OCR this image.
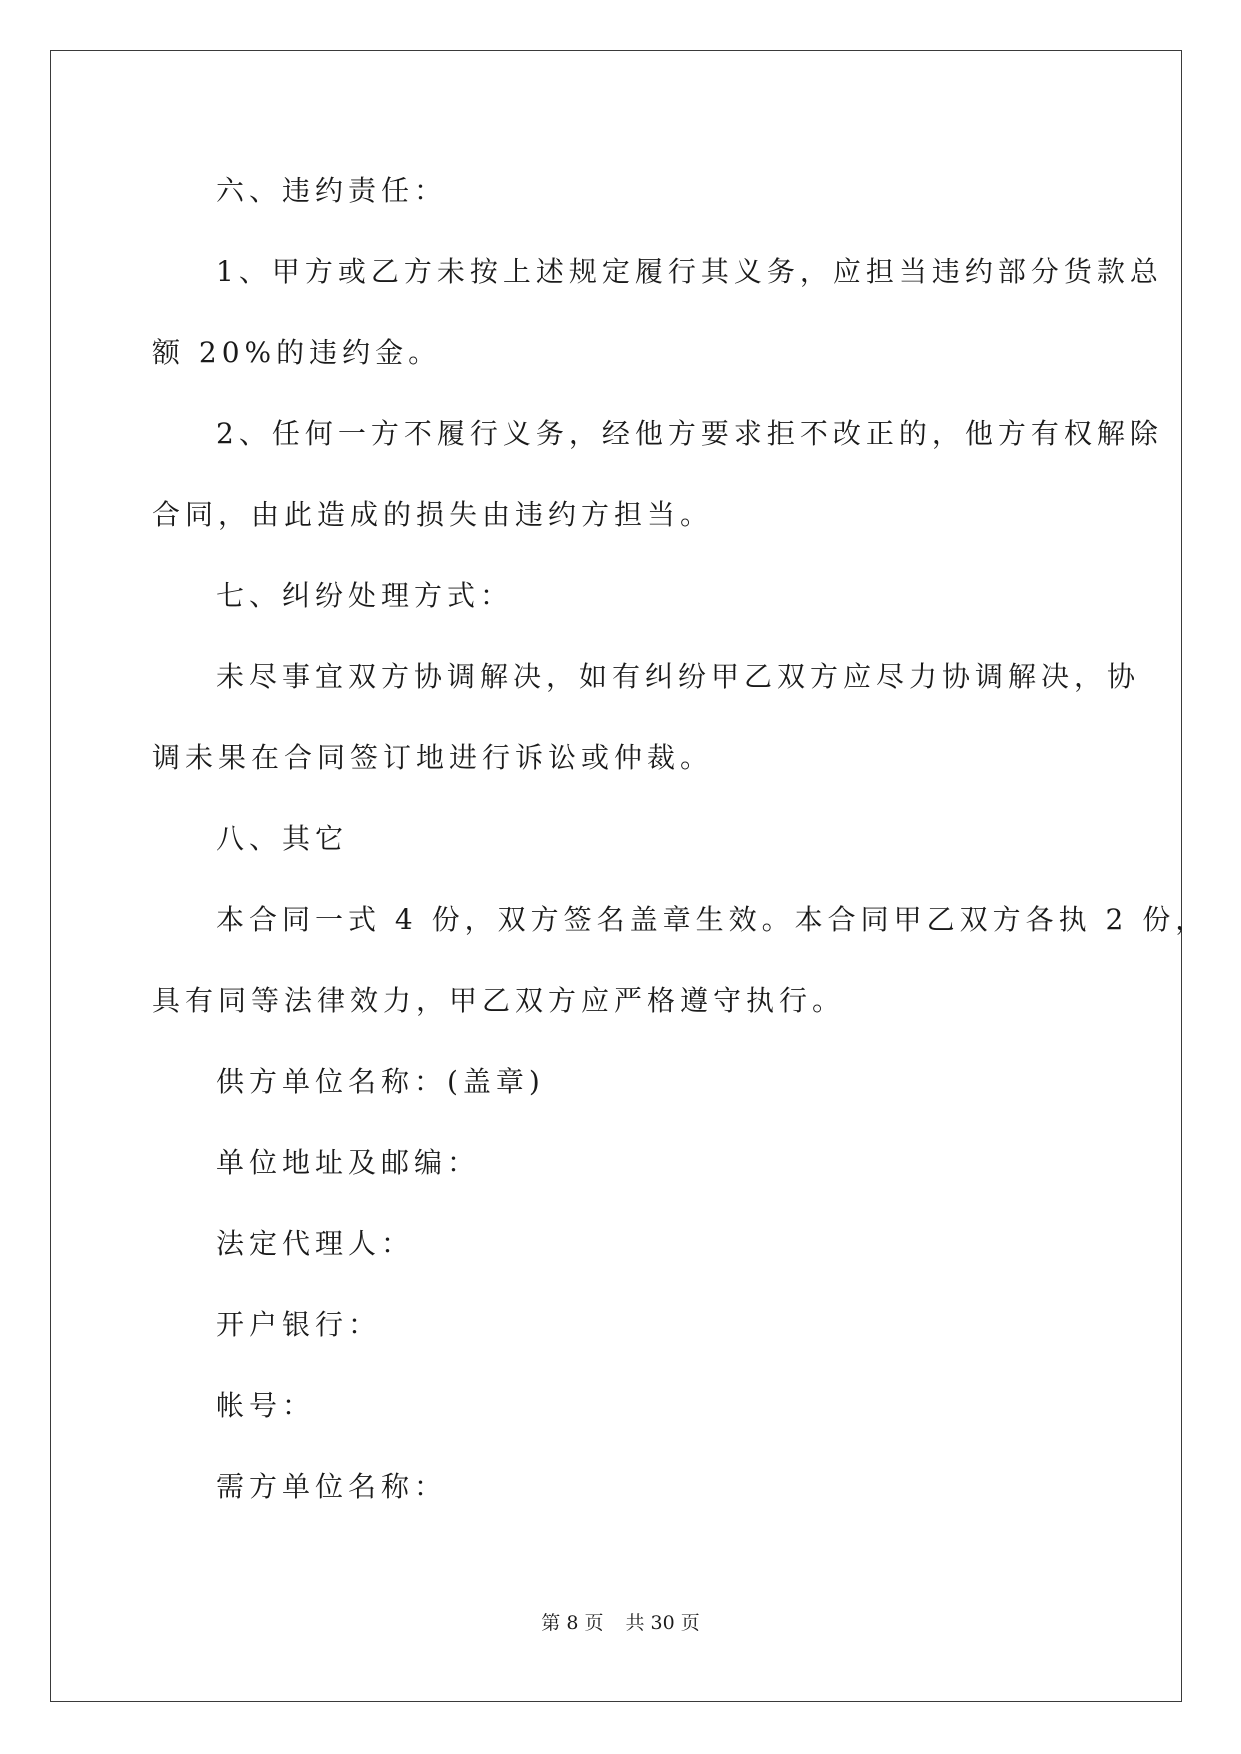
六、违约责任：
1、甲方或乙方未按上述规定履行其义务，应担当违约部分货款总
额 20%的违约金。
2、任何一方不履行义务，经他方要求拒不改正的，他方有权解除
合同，由此造成的损失由违约方担当。
七、纠纷处理方式：
未尽事宜双方协调解决，如有纠纷甲乙双方应尽力协调解决，协
调未果在合同签订地进行诉讼或仲裁。
八、其它
本合同一式 4 份，双方签名盖章生效。本合同甲乙双方各执 2 份，
具有同等法律效力，甲乙双方应严格遵守执行。
供方单位名称：(盖章)
单位地址及邮编：
法定代理人：
开户银行：
帐号：
需方单位名称：
第 8 页 共 30 页
